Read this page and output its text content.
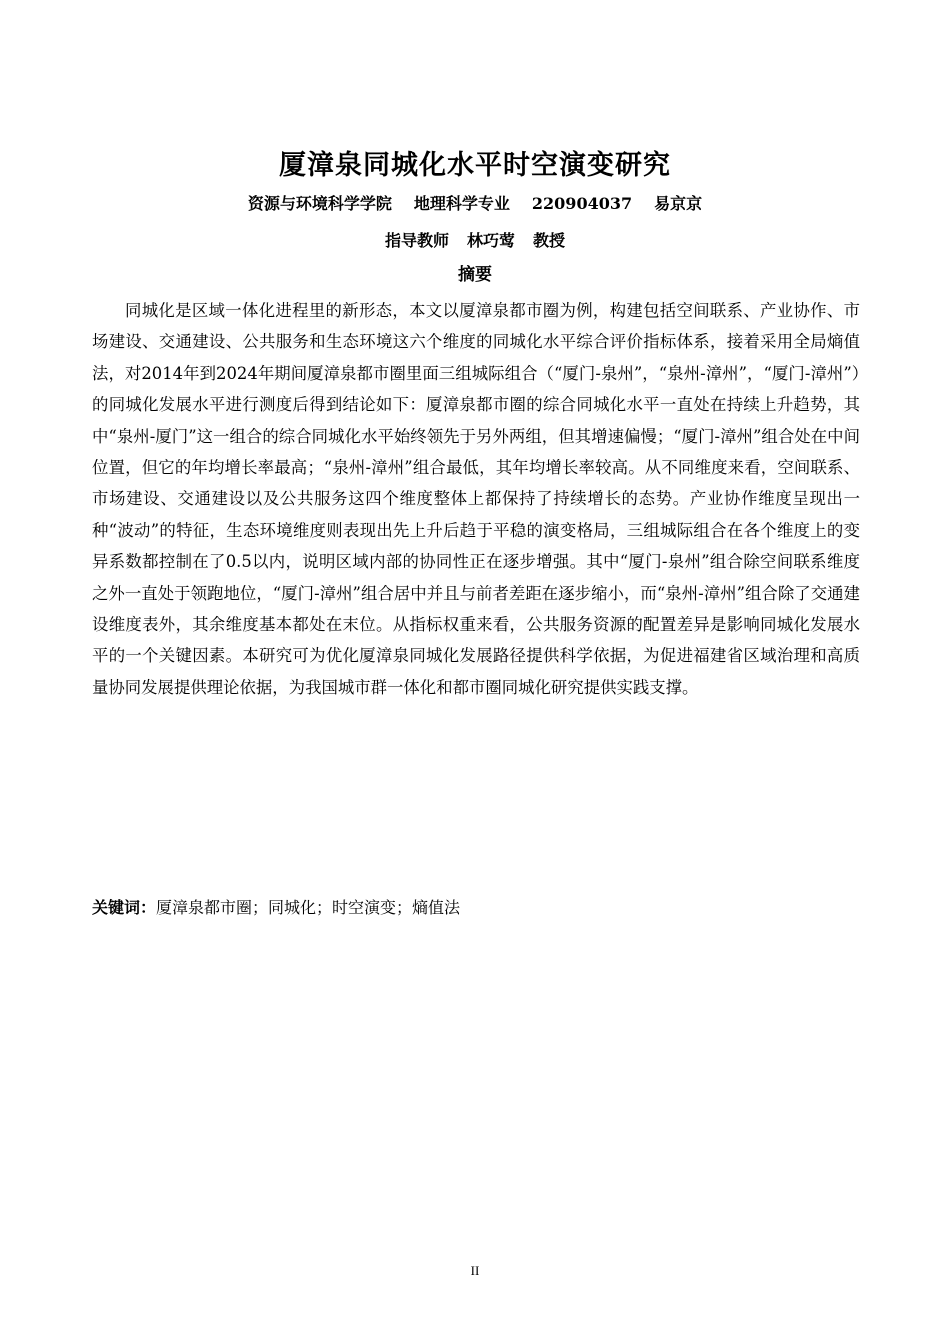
厦漳泉同城化水平时空演变研究
资源与环境科学学院 地理科学专业 220904037 易京京
指导教师 林巧莺 教授
摘要

同城化是区域一体化进程里的新形态，本文以厦漳泉都市圈为例，构建包括空间联系、产业协作、市场建设、交通建设、公共服务和生态环境这六个维度的同城化水平综合评价指标体系，接着采用全局熵值法，对2014年到2024年期间厦漳泉都市圈里面三组城际组合（“厦门-泉州”，“泉州-漳州”，“厦门-漳州”）的同城化发展水平进行测度后得到结论如下：厦漳泉都市圈的综合同城化水平一直处在持续上升趋势，其中“泉州-厦门”这一组合的综合同城化水平始终领先于另外两组，但其增速偏慢；“厦门-漳州”组合处在中间位置，但它的年均增长率最高；“泉州-漳州”组合最低，其年均增长率较高。从不同维度来看，空间联系、市场建设、交通建设以及公共服务这四个维度整体上都保持了持续增长的态势。产业协作维度呈现出一种“波动”的特征，生态环境维度则表现出先上升后趋于平稳的演变格局，三组城际组合在各个维度上的变异系数都控制在了0.5以内，说明区域内部的协同性正在逐步增强。其中“厦门-泉州”组合除空间联系维度之外一直处于领跑地位，“厦门-漳州”组合居中并且与前者差距在逐步缩小，而“泉州-漳州”组合除了交通建设维度表外，其余维度基本都处在末位。从指标权重来看，公共服务资源的配置差异是影响同城化发展水平的一个关键因素。本研究可为优化厦漳泉同城化发展路径提供科学依据，为促进福建省区域治理和高质量协同发展提供理论依据，为我国城市群一体化和都市圈同城化研究提供实践支撑。

关键词：厦漳泉都市圈；同城化；时空演变；熵值法
II
